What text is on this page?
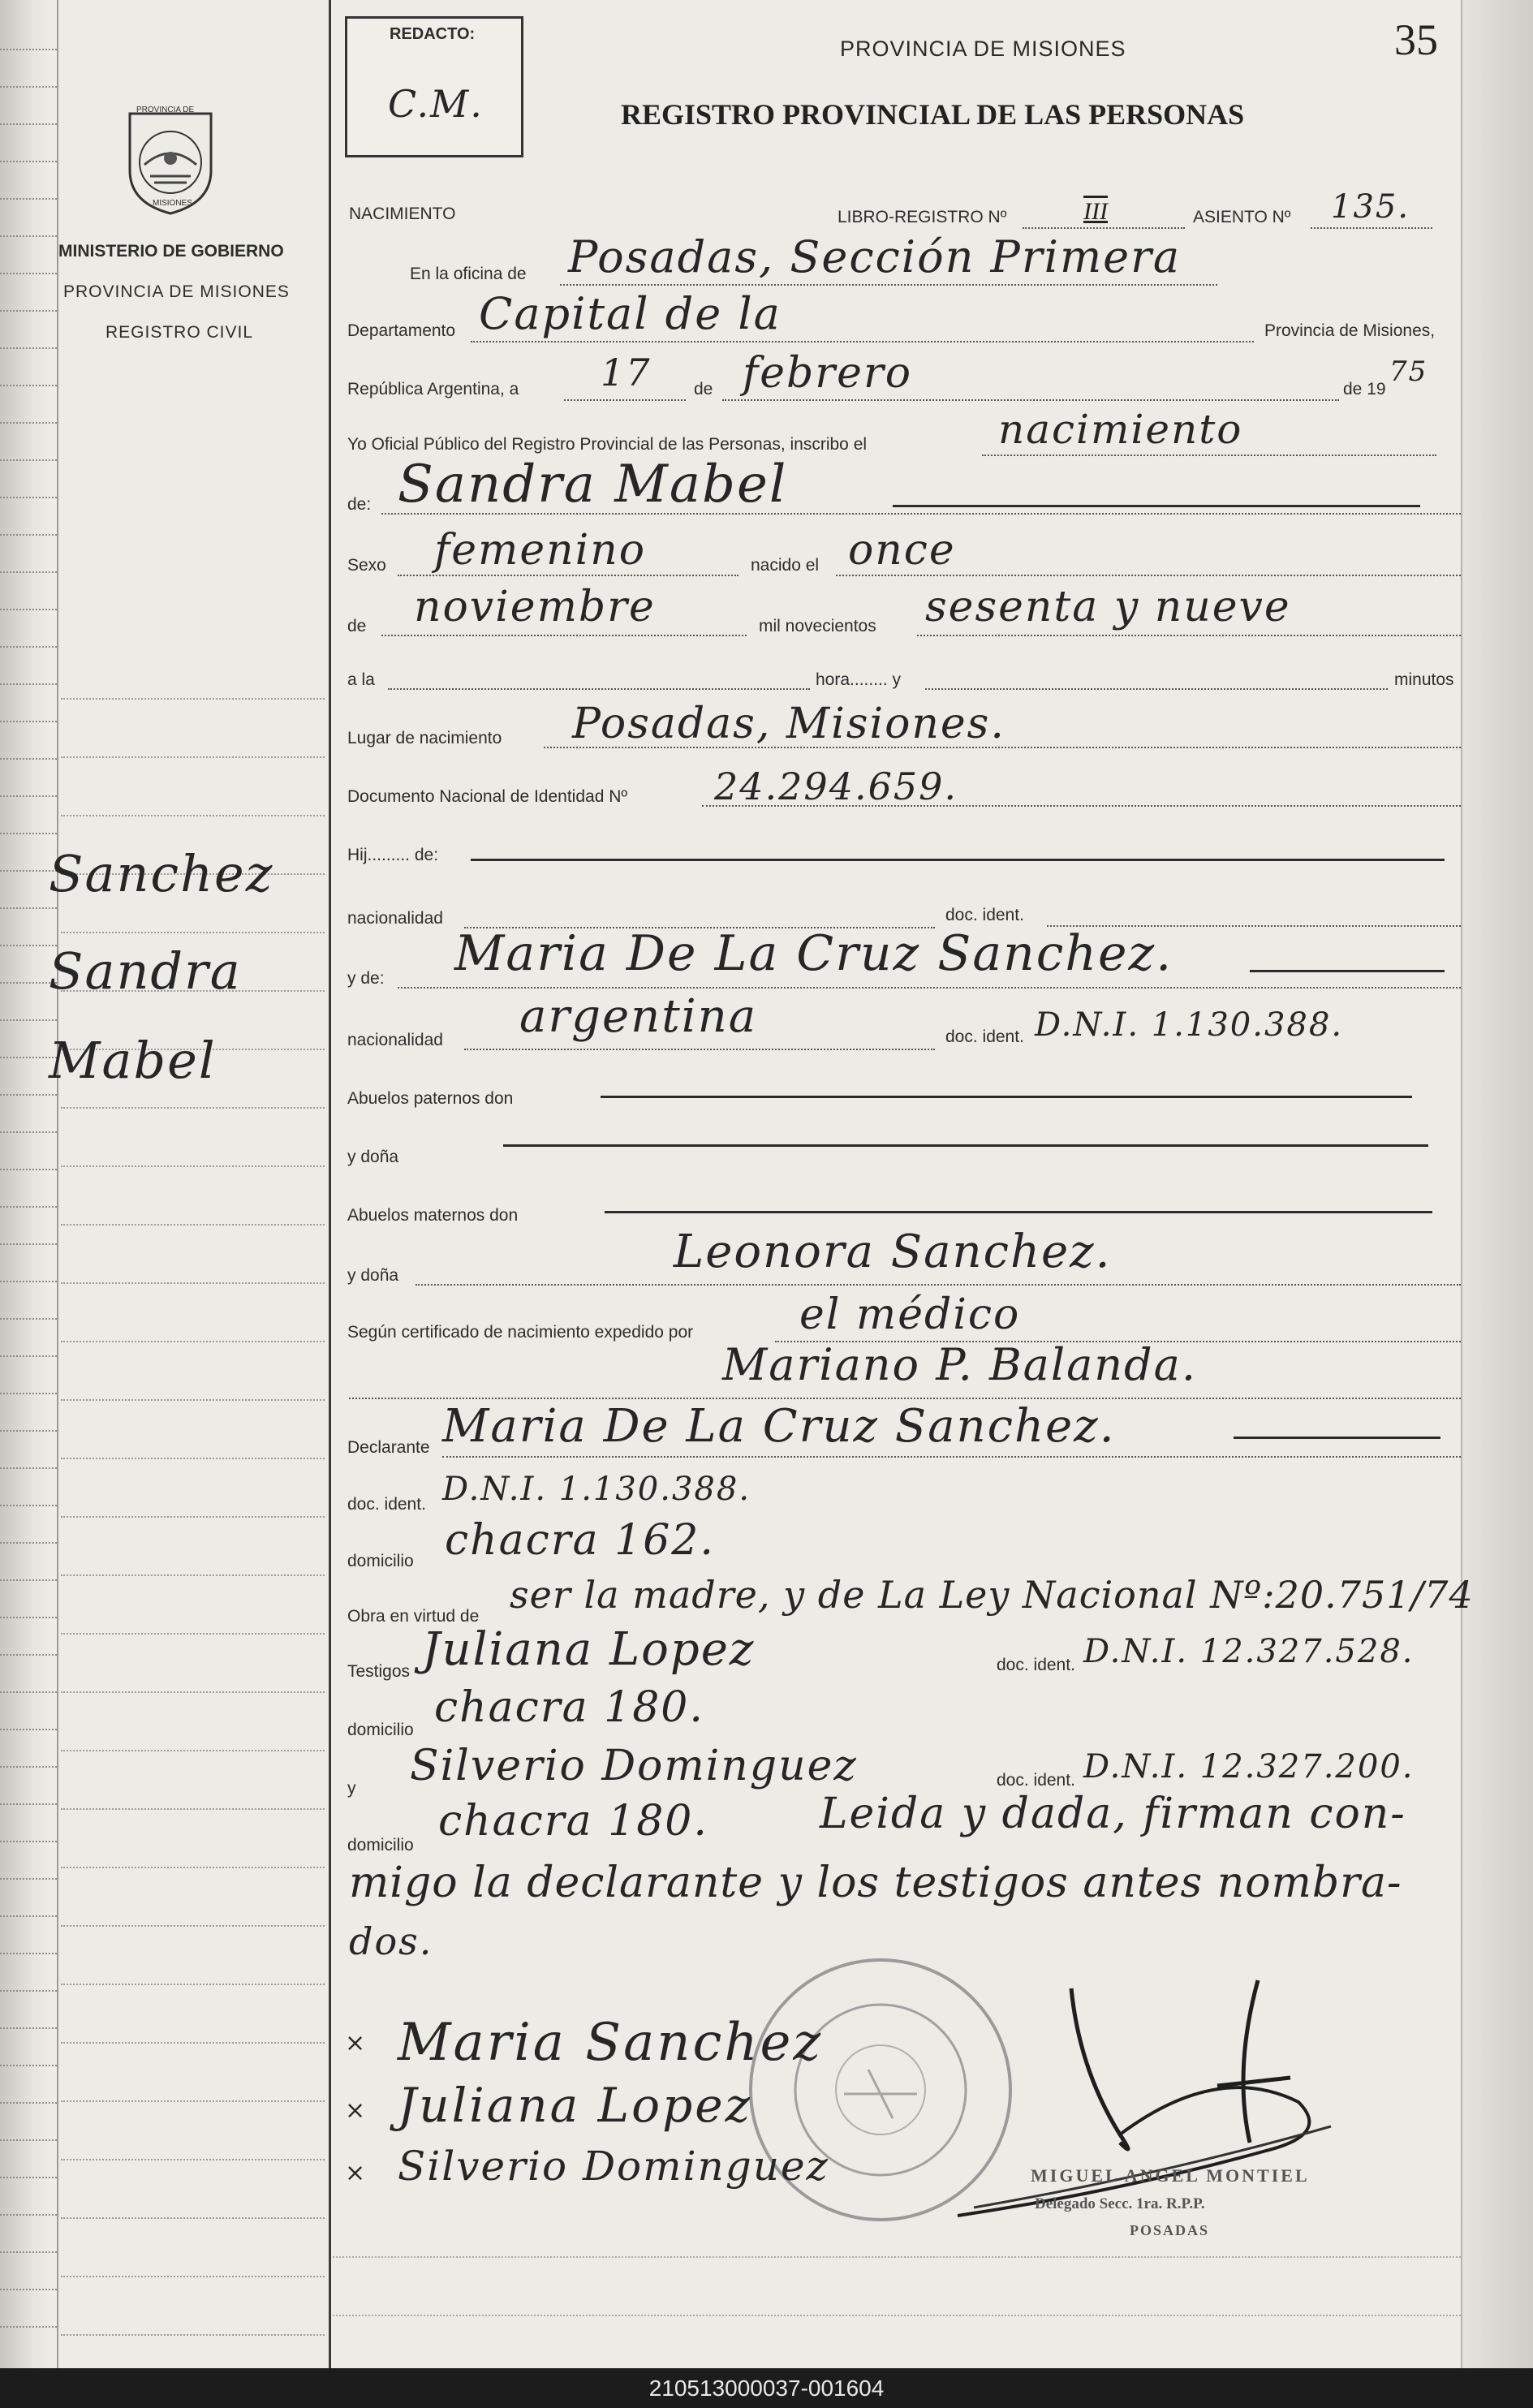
REDACTO:
C.M.
PROVINCIA DE MISIONES
REGISTRO PROVINCIAL DE LAS PERSONAS
35
PROVINCIA DE
MISIONES
MINISTERIO DE GOBIERNO
PROVINCIA DE MISIONES
REGISTRO CIVIL
Sanchez
Sandra
Mabel
NACIMIENTO	LIBRO-REGISTRO Nº	III	ASIENTO Nº 135.
En la oficina de Posadas, Sección Primera
Departamento Capital de la	Provincia de Misiones,
República Argentina, a 17 de febrero	de 19
75
Yo Oficial Público del Registro Provincial de las Personas, inscribo el	nacimiento
de: Sandra Mabel
Sexo femenino	nacido el once
de noviembre	mil novecientos sesenta y nueve
a la	hora........ y	minutos
Lugar de nacimiento Posadas, Misiones.
Documento Nacional de Identidad Nº 24.294.659.
Hij......... de:
nacionalidad	doc. ident.
y de: Maria De La Cruz Sanchez.
nacionalidad argentina	doc. ident. D.N.I. 1.130.388.
Abuelos paternos don
y doña
Abuelos maternos don
y doña	Leonora Sanchez.
Según certificado de nacimiento expedido por	el médico
Mariano P. Balanda.
Declarante Maria De La Cruz Sanchez.
doc. ident. D.N.I. 1.130.388.
domicilio chacra 162.
Obra en virtud de ser la madre, y de La Ley Nacional Nº:20.751/74
Testigos Juliana Lopez	doc. ident. D.N.I. 12.327.528.
domicilio chacra 180.
y Silverio Dominguez	doc. ident. D.N.I. 12.327.200.
domicilio chacra 180.	Leida y dada, firman con-
migo la declarante y los testigos antes nombra-
dos.
× Maria Sanchez
× Juliana Lopez
× Silverio Dominguez	MIGUEL ANGEL MONTIEL
Delegado Secc. 1ra. R.P.P.
POSADAS
210513000037-001604
